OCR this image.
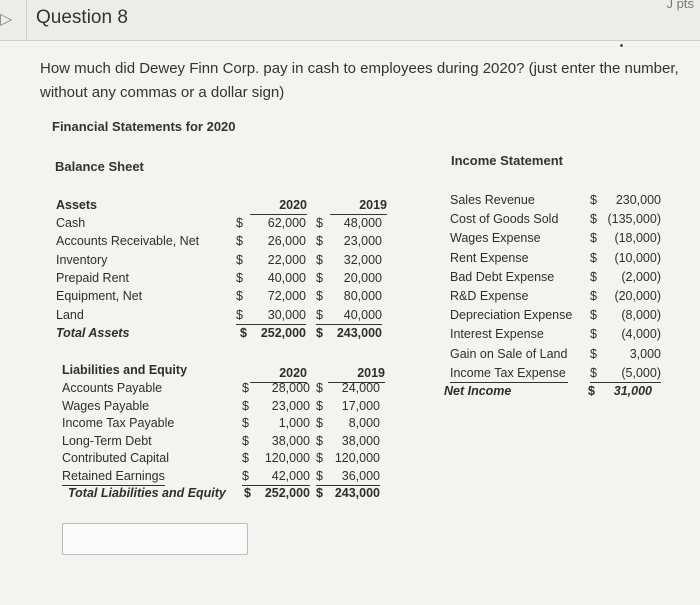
▷ Question 8
J pts
How much did Dewey Finn Corp. pay in cash to employees during 2020? (just enter the number, without any commas or a dollar sign)
Financial Statements for 2020
Balance Sheet	Income Statement
Assets	2020	2019
Cash	$	62,000 $	48,000
Accounts Receivable, Net	$	26,000 $	23,000
Inventory	$	22,000 $	32,000
Prepaid Rent	$	40,000 $	20,000
Equipment, Net	$	72,000 $	80,000
Land	$	30,000 $	40,000
Total Assets	$	252,000 $	243,000
Liabilities and Equity	2020	2019
Accounts Payable	$	28,000 $	24,000
Wages Payable	$	23,000 $	17,000
Income Tax Payable	$	1,000 $	8,000
Long-Term Debt	$	38,000 $	38,000
Contributed Capital	$	120,000 $ 120,000
Retained Earnings	$	42,000 $	36,000
Total Liabilities and Equity $	252,000 $ 243,000
Sales Revenue	$	230,000
Cost of Goods Sold	$ (135,000)
Wages Expense	$	(18,000)
Rent Expense	$	(10,000)
Bad Debt Expense	$	(2,000)
R&D Expense	$	(20,000)
Depreciation Expense $	(8,000)
Interest Expense	$	(4,000)
Gain on Sale of Land $	3,000
Income Tax Expense $	(5,000)
Net Income	$	31,000
